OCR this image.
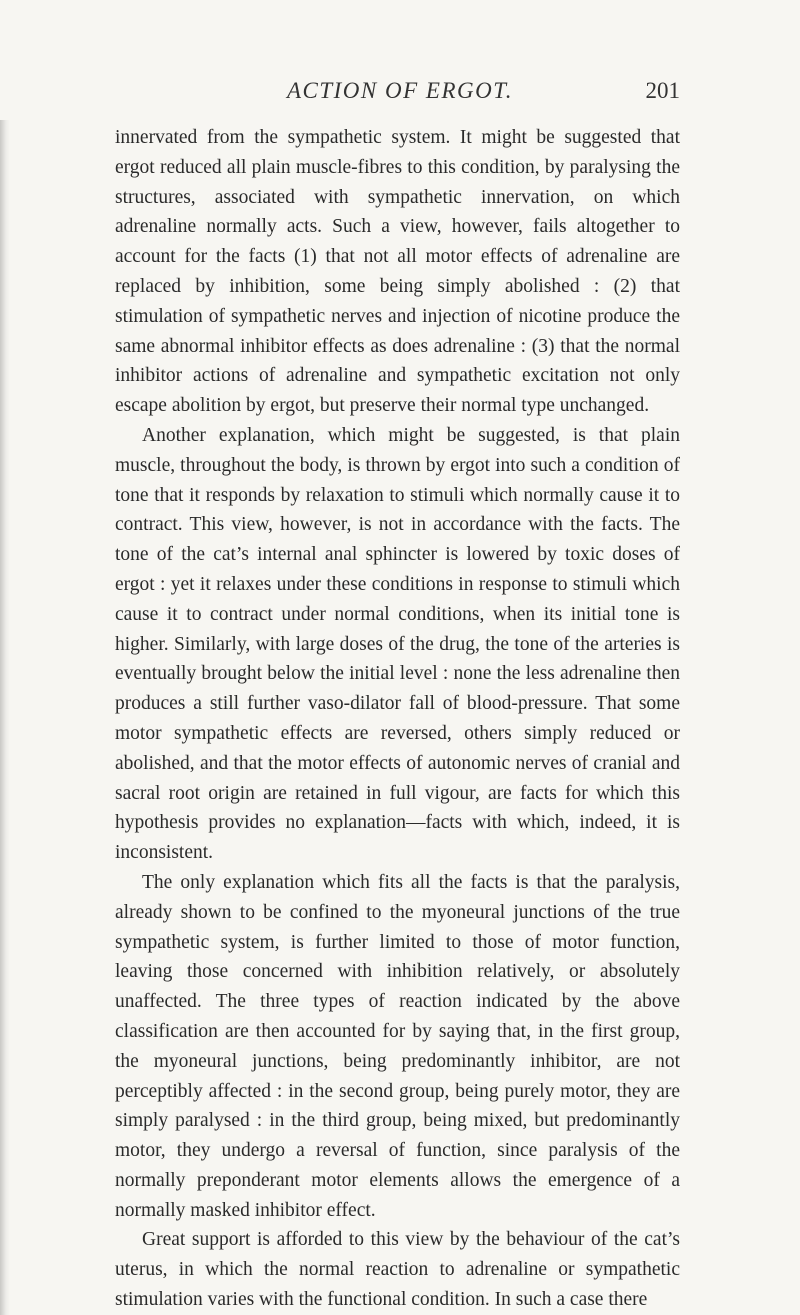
ACTION OF ERGOT.	201

innervated from the sympathetic system. It might be suggested that ergot reduced all plain muscle-fibres to this condition, by paralysing the structures, associated with sympathetic innervation, on which adrenaline normally acts. Such a view, however, fails altogether to account for the facts (1) that not all motor effects of adrenaline are replaced by inhibition, some being simply abolished : (2) that stimulation of sympathetic nerves and injection of nicotine produce the same abnormal inhibitor effects as does adrenaline : (3) that the normal inhibitor actions of adrenaline and sympathetic excitation not only escape abolition by ergot, but preserve their normal type unchanged.

Another explanation, which might be suggested, is that plain muscle, throughout the body, is thrown by ergot into such a condition of tone that it responds by relaxation to stimuli which normally cause it to contract. This view, however, is not in accordance with the facts. The tone of the cat’s internal anal sphincter is lowered by toxic doses of ergot : yet it relaxes under these conditions in response to stimuli which cause it to contract under normal conditions, when its initial tone is higher. Similarly, with large doses of the drug, the tone of the arteries is eventually brought below the initial level : none the less adrenaline then produces a still further vaso-dilator fall of blood-pressure. That some motor sympathetic effects are reversed, others simply reduced or abolished, and that the motor effects of autonomic nerves of cranial and sacral root origin are retained in full vigour, are facts for which this hypothesis provides no explanation—facts with which, indeed, it is inconsistent.

The only explanation which fits all the facts is that the paralysis, already shown to be confined to the myoneural junctions of the true sympathetic system, is further limited to those of motor function, leaving those concerned with inhibition relatively, or absolutely unaffected. The three types of reaction indicated by the above classification are then accounted for by saying that, in the first group, the myoneural junctions, being predominantly inhibitor, are not perceptibly affected : in the second group, being purely motor, they are simply paralysed : in the third group, being mixed, but predominantly motor, they undergo a reversal of function, since paralysis of the normally preponderant motor elements allows the emergence of a normally masked inhibitor effect.

Great support is afforded to this view by the behaviour of the cat’s uterus, in which the normal reaction to adrenaline or sympathetic stimulation varies with the functional condition. In such a case there
